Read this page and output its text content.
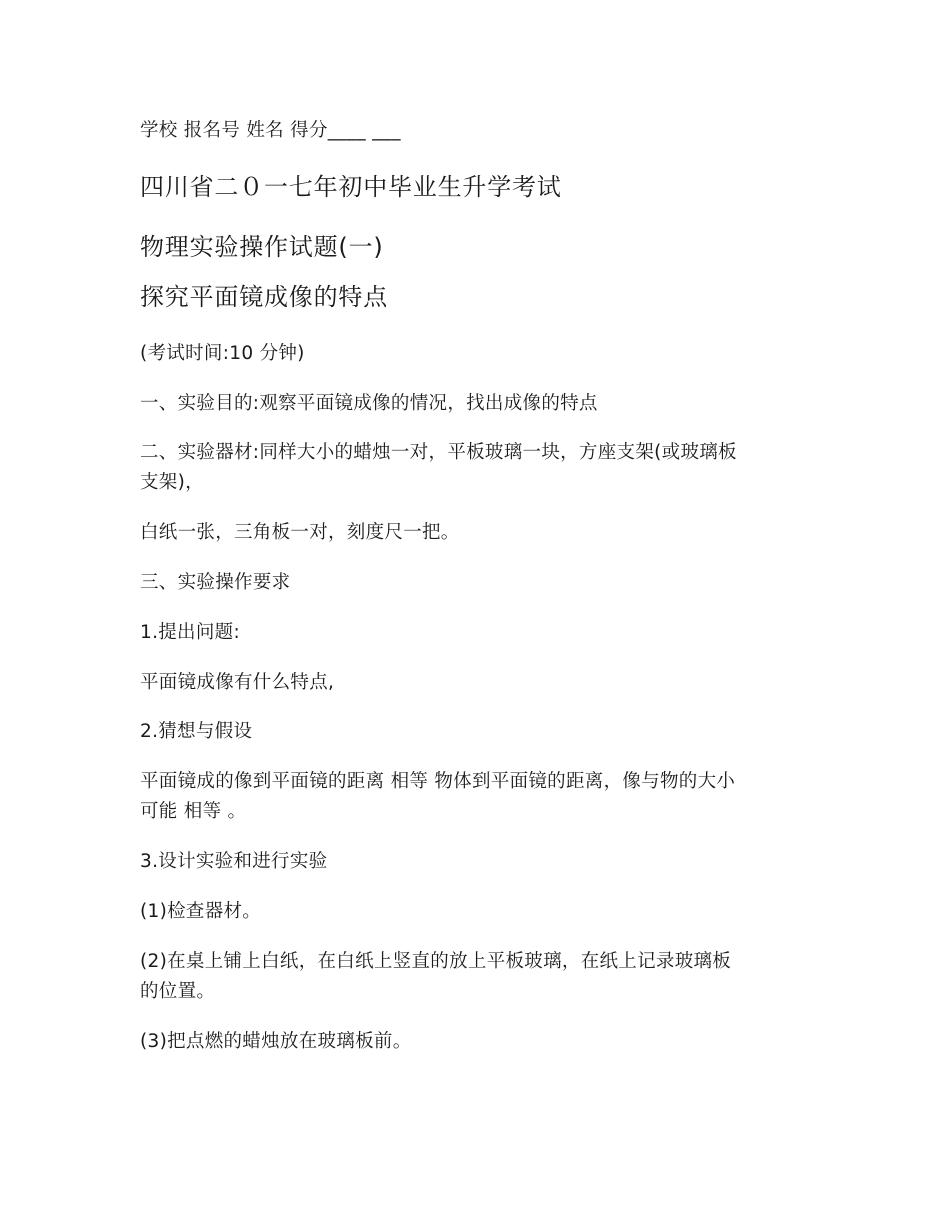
学校 报名号 姓名 得分____ ___
四川省二０一七年初中毕业生升学考试
物理实验操作试题(一)
探究平面镜成像的特点
(考试时间:10 分钟)
一、实验目的:观察平面镜成像的情况，找出成像的特点
二、实验器材:同样大小的蜡烛一对，平板玻璃一块，方座支架(或玻璃板
支架)，
白纸一张，三角板一对，刻度尺一把。
三、实验操作要求
1.提出问题:
平面镜成像有什么特点,
2.猜想与假设
平面镜成的像到平面镜的距离 相等 物体到平面镜的距离，像与物的大小
可能 相等 。
3.设计实验和进行实验
(1)检查器材。
(2)在桌上铺上白纸，在白纸上竖直的放上平板玻璃，在纸上记录玻璃板
的位置。
(3)把点燃的蜡烛放在玻璃板前。
